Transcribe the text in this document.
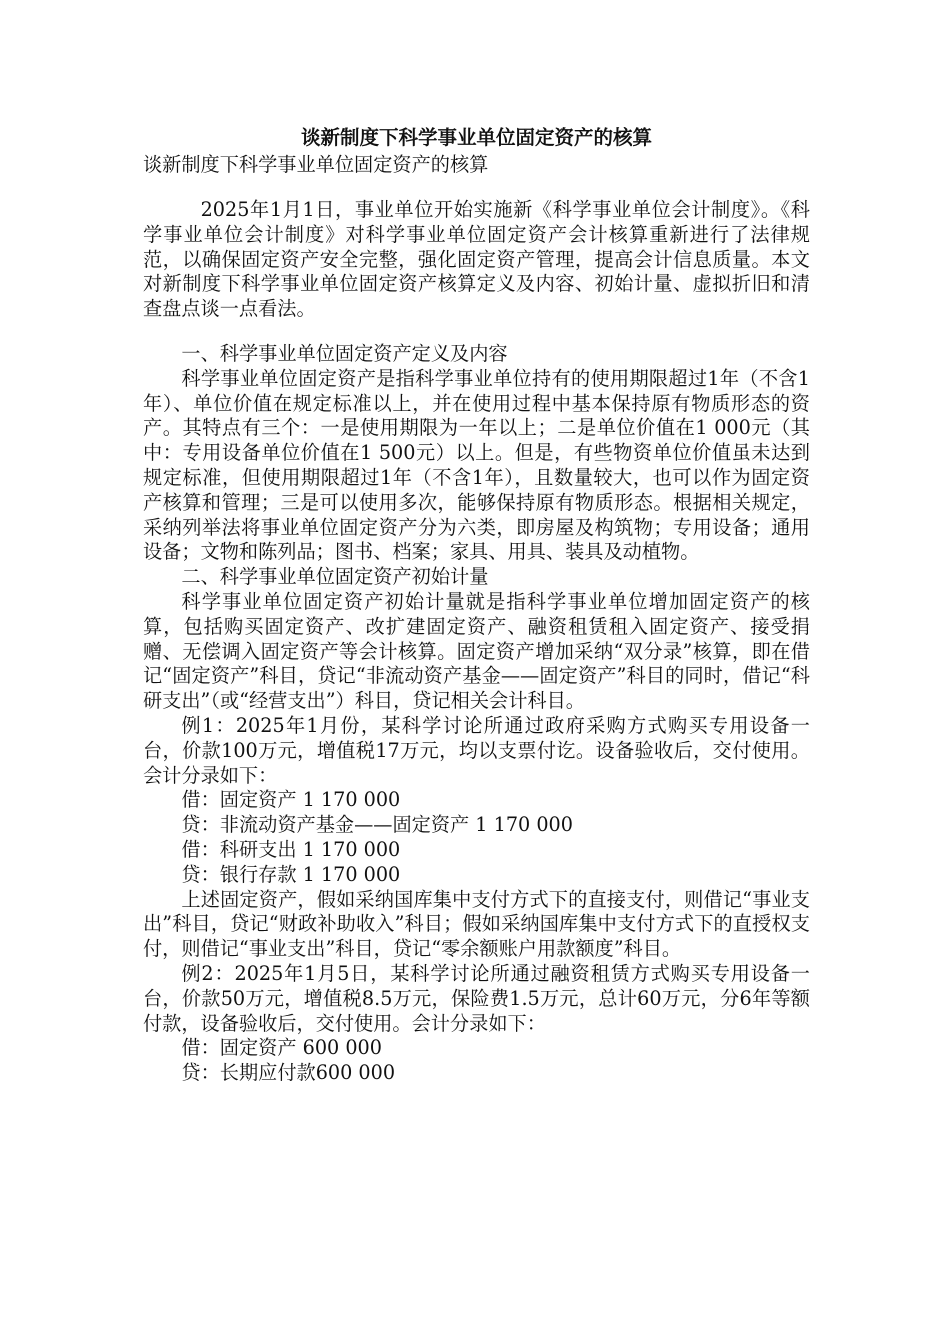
谈新制度下科学事业单位固定资产的核算
谈新制度下科学事业单位固定资产的核算

2025年1月1日，事业单位开始实施新《科学事业单位会计制度》。《科学事业单位会计制度》对科学事业单位固定资产会计核算重新进行了法律规范，以确保固定资产安全完整，强化固定资产管理，提高会计信息质量。本文对新制度下科学事业单位固定资产核算定义及内容、初始计量、虚拟折旧和清查盘点谈一点看法。

一、科学事业单位固定资产定义及内容

科学事业单位固定资产是指科学事业单位持有的使用期限超过1年（不含1年）、单位价值在规定标准以上，并在使用过程中基本保持原有物质形态的资产。其特点有三个：一是使用期限为一年以上；二是单位价值在1 000元（其中：专用设备单位价值在1 500元）以上。但是，有些物资单位价值虽未达到规定标准，但使用期限超过1年（不含1年），且数量较大，也可以作为固定资产核算和管理；三是可以使用多次，能够保持原有物质形态。根据相关规定，采纳列举法将事业单位固定资产分为六类，即房屋及构筑物；专用设备；通用设备；文物和陈列品；图书、档案；家具、用具、装具及动植物。

二、科学事业单位固定资产初始计量

科学事业单位固定资产初始计量就是指科学事业单位增加固定资产的核算，包括购买固定资产、改扩建固定资产、融资租赁租入固定资产、接受捐赠、无偿调入固定资产等会计核算。固定资产增加采纳“双分录”核算，即在借记“固定资产”科目，贷记“非流动资产基金——固定资产”科目的同时，借记“科研支出”（或“经营支出”）科目，贷记相关会计科目。

例1：2025年1月份，某科学讨论所通过政府采购方式购买专用设备一台，价款100万元，增值税17万元，均以支票付讫。设备验收后，交付使用。会计分录如下：

借：固定资产 1 170 000
贷：非流动资产基金——固定资产 1 170 000
借：科研支出 1 170 000
贷：银行存款 1 170 000

上述固定资产，假如采纳国库集中支付方式下的直接支付，则借记“事业支出”科目，贷记“财政补助收入”科目；假如采纳国库集中支付方式下的直授权支付，则借记“事业支出”科目，贷记“零余额账户用款额度”科目。

例2：2025年1月5日，某科学讨论所通过融资租赁方式购买专用设备一台，价款50万元，增值税8.5万元，保险费1.5万元，总计60万元，分6年等额付款，设备验收后，交付使用。会计分录如下：

借：固定资产 600 000
贷：长期应付款600 000
